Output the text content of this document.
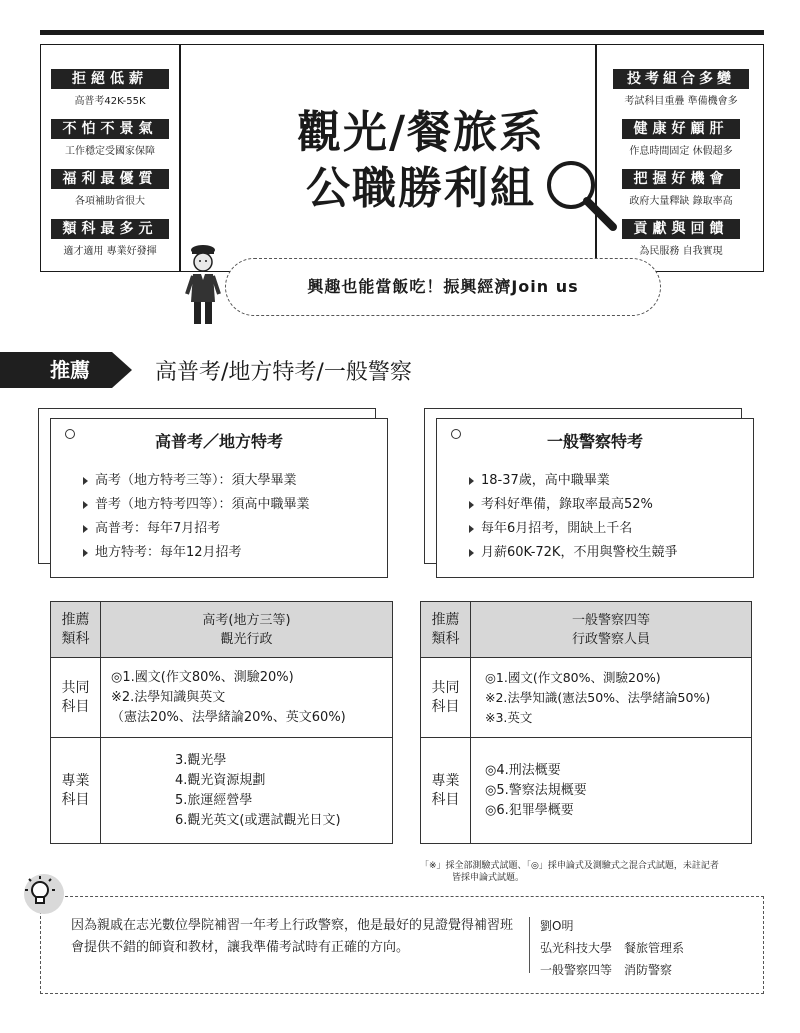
拒絕低薪
高普考42K-55K
不怕不景氣
工作穩定受國家保障
福利最優質
各項補助省很大
類科最多元
適才適用 專業好發揮
投考組合多變
考試科目重疊 準備機會多
健康好顧肝
作息時間固定 休假超多
把握好機會
政府大量釋缺 錄取率高
貢獻與回饋
為民服務 自我實現
觀光/餐旅系
公職勝利組
興趣也能當飯吃！振興經濟Join us
推薦	高普考/地方特考/一般警察
高普考／地方特考
高考（地方特考三等）：須大學畢業
普考（地方特考四等）：須高中職畢業
高普考：每年7月招考
地方特考：每年12月招考
一般警察特考
18-37歲，高中職畢業
考科好準備，錄取率最高52%
每年6月招考，開缺上千名
月薪60K-72K，不用與警校生競爭
推薦
類科	高考(地方三等)
觀光行政

共同
科目	◎1.國文(作文80%、測驗20%)
※2.法學知識與英文
（憲法20%、法學緒論20%、英文60%)

專業
科目	3.觀光學
4.觀光資源規劃
5.旅運經營學
6.觀光英文(或選試觀光日文)
推薦
類科	一般警察四等
行政警察人員

共同
科目	◎1.國文(作文80%、測驗20%)
※2.法學知識(憲法50%、法學緒論50%)
※3.英文

專業
科目	◎4.刑法概要
◎5.警察法規概要
◎6.犯罪學概要
「※」採全部測驗式試題、「◎」採申論式及測驗式之混合式試題，未註記者
皆採申論式試題。
因為親戚在志光數位學院補習一年考上行政警察，他是最好的見證覺得補習班會提供不錯的師資和教材，讓我準備考試時有正確的方向。
劉O明
弘光科技大學　餐旅管理系
一般警察四等　消防警察
